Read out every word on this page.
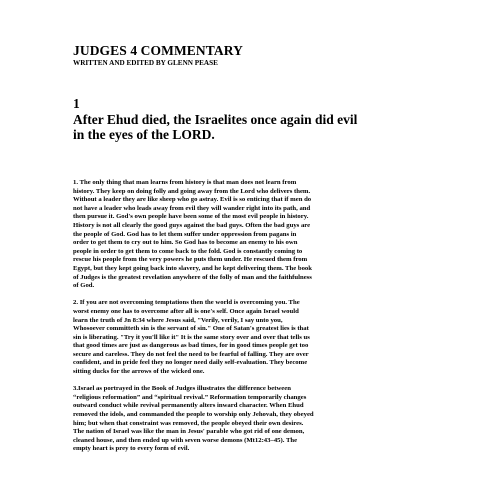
JUDGES 4 COMMENTARY
WRITTEN AND EDITED BY GLENN PEASE
1
After Ehud died, the Israelites once again did evil
in the eyes of the LORD.

1. The only thing that man learns from history is that man does not learn from
history. They keep on doing folly and going away from the Lord who delivers them.
Without a leader they are like sheep who go astray. Evil is so enticing that if men do
not have a leader who leads away from evil they will wander right into its path, and
then pursue it. God's own people have been some of the most evil people in history.
History is not all clearly the good guys against the bad guys. Often the bad guys are
the people of God. God has to let them suffer under oppression from pagans in
order to get them to cry out to him. So God has to become an enemy to his own
people in order to get them to come back to the fold. God is constantly coming to
rescue his people from the very powers he puts them under. He rescued them from
Egypt, but they kept going back into slavery, and he kept delivering them. The book
of Judges is the greatest revelation anywhere of the folly of man and the faithfulness
of God.

2. If you are not overcoming temptations then the world is overcoming you. The
worst enemy one has to overcome after all is one's self. Once again Israel would
learn the truth of Jn 8:34 where Jesus said, "Verily, verily, I say unto you,
Whosoever committeth sin is the servant of sin." One of Satan's greatest lies is that
sin is liberating. "Try it you'll like it" It is the same story over and over that tells us
that good times are just as dangerous as bad times, for in good times people get too
secure and careless. They do not feel the need to be fearful of falling. They are over
confident, and in pride feel they no longer need daily self-evaluation. They become
sitting ducks for the arrows of the wicked one.

3.Israel as portrayed in the Book of Judges illustrates the difference between
“religious reformation” and “spiritual revival.” Reformation temporarily changes
outward conduct while revival permanently alters inward character. When Ehud
removed the idols, and commanded the people to worship only Jehovah, they obeyed
him; but when that constraint was removed, the people obeyed their own desires.
The nation of Israel was like the man in Jesus' parable who got rid of one demon,
cleaned house, and then ended up with seven worse demons (Mt12:43–45). The
empty heart is prey to every form of evil.
